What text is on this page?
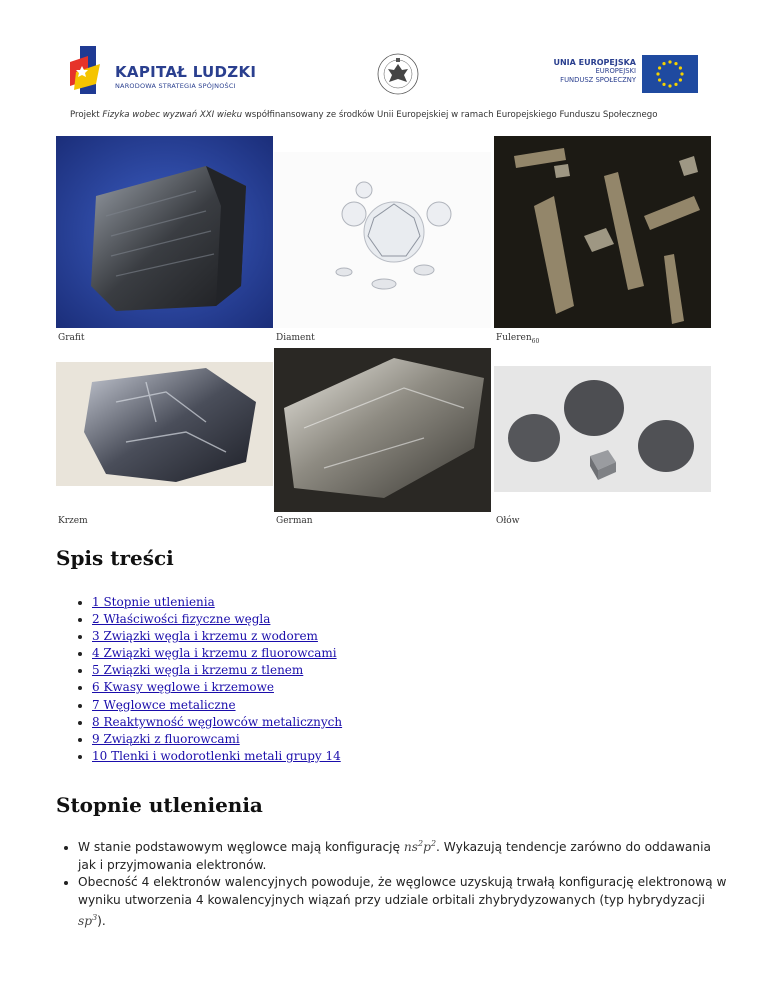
KAPITAŁ LUDZKI
NARODOWA STRATEGIA SPÓJNOŚCI
UNIA EUROPEJSKA
EUROPEJSKI
FUNDUSZ SPOŁECZNY
Projekt Fizyka wobec wyzwań XXI wieku współfinansowany ze środków Unii Europejskiej w ramach Europejskiego Funduszu Społecznego
Grafit	Diament	Fuleren$_{60}$
Krzem	German	Ołów
Spis treści
• 1 Stopnie utlenienia
• 2 Właściwości fizyczne węgla
• 3 Związki węgla i krzemu z wodorem
• 4 Związki węgla i krzemu z fluorowcami
• 5 Związki węgla i krzemu z tlenem
• 6 Kwasy węglowe i krzemowe
• 7 Węglowce metaliczne
• 8 Reaktywność węglowców metalicznych
• 9 Związki z fluorowcami
• 10 Tlenki i wodorotlenki metali grupy 14
Stopnie utlenienia
• W stanie podstawowym węglowce mają konfigurację $ns^2p^2$. Wykazują tendencje zarówno do oddawania jak i przyjmowania elektronów.
• Obecność 4 elektronów walencyjnych powoduje, że węglowce uzyskują trwałą konfigurację elektronową w wyniku utworzenia 4 kowalencyjnych wiązań przy udziale orbitali zhybrydyzowanych (typ hybrydyzacji $sp^3$).
